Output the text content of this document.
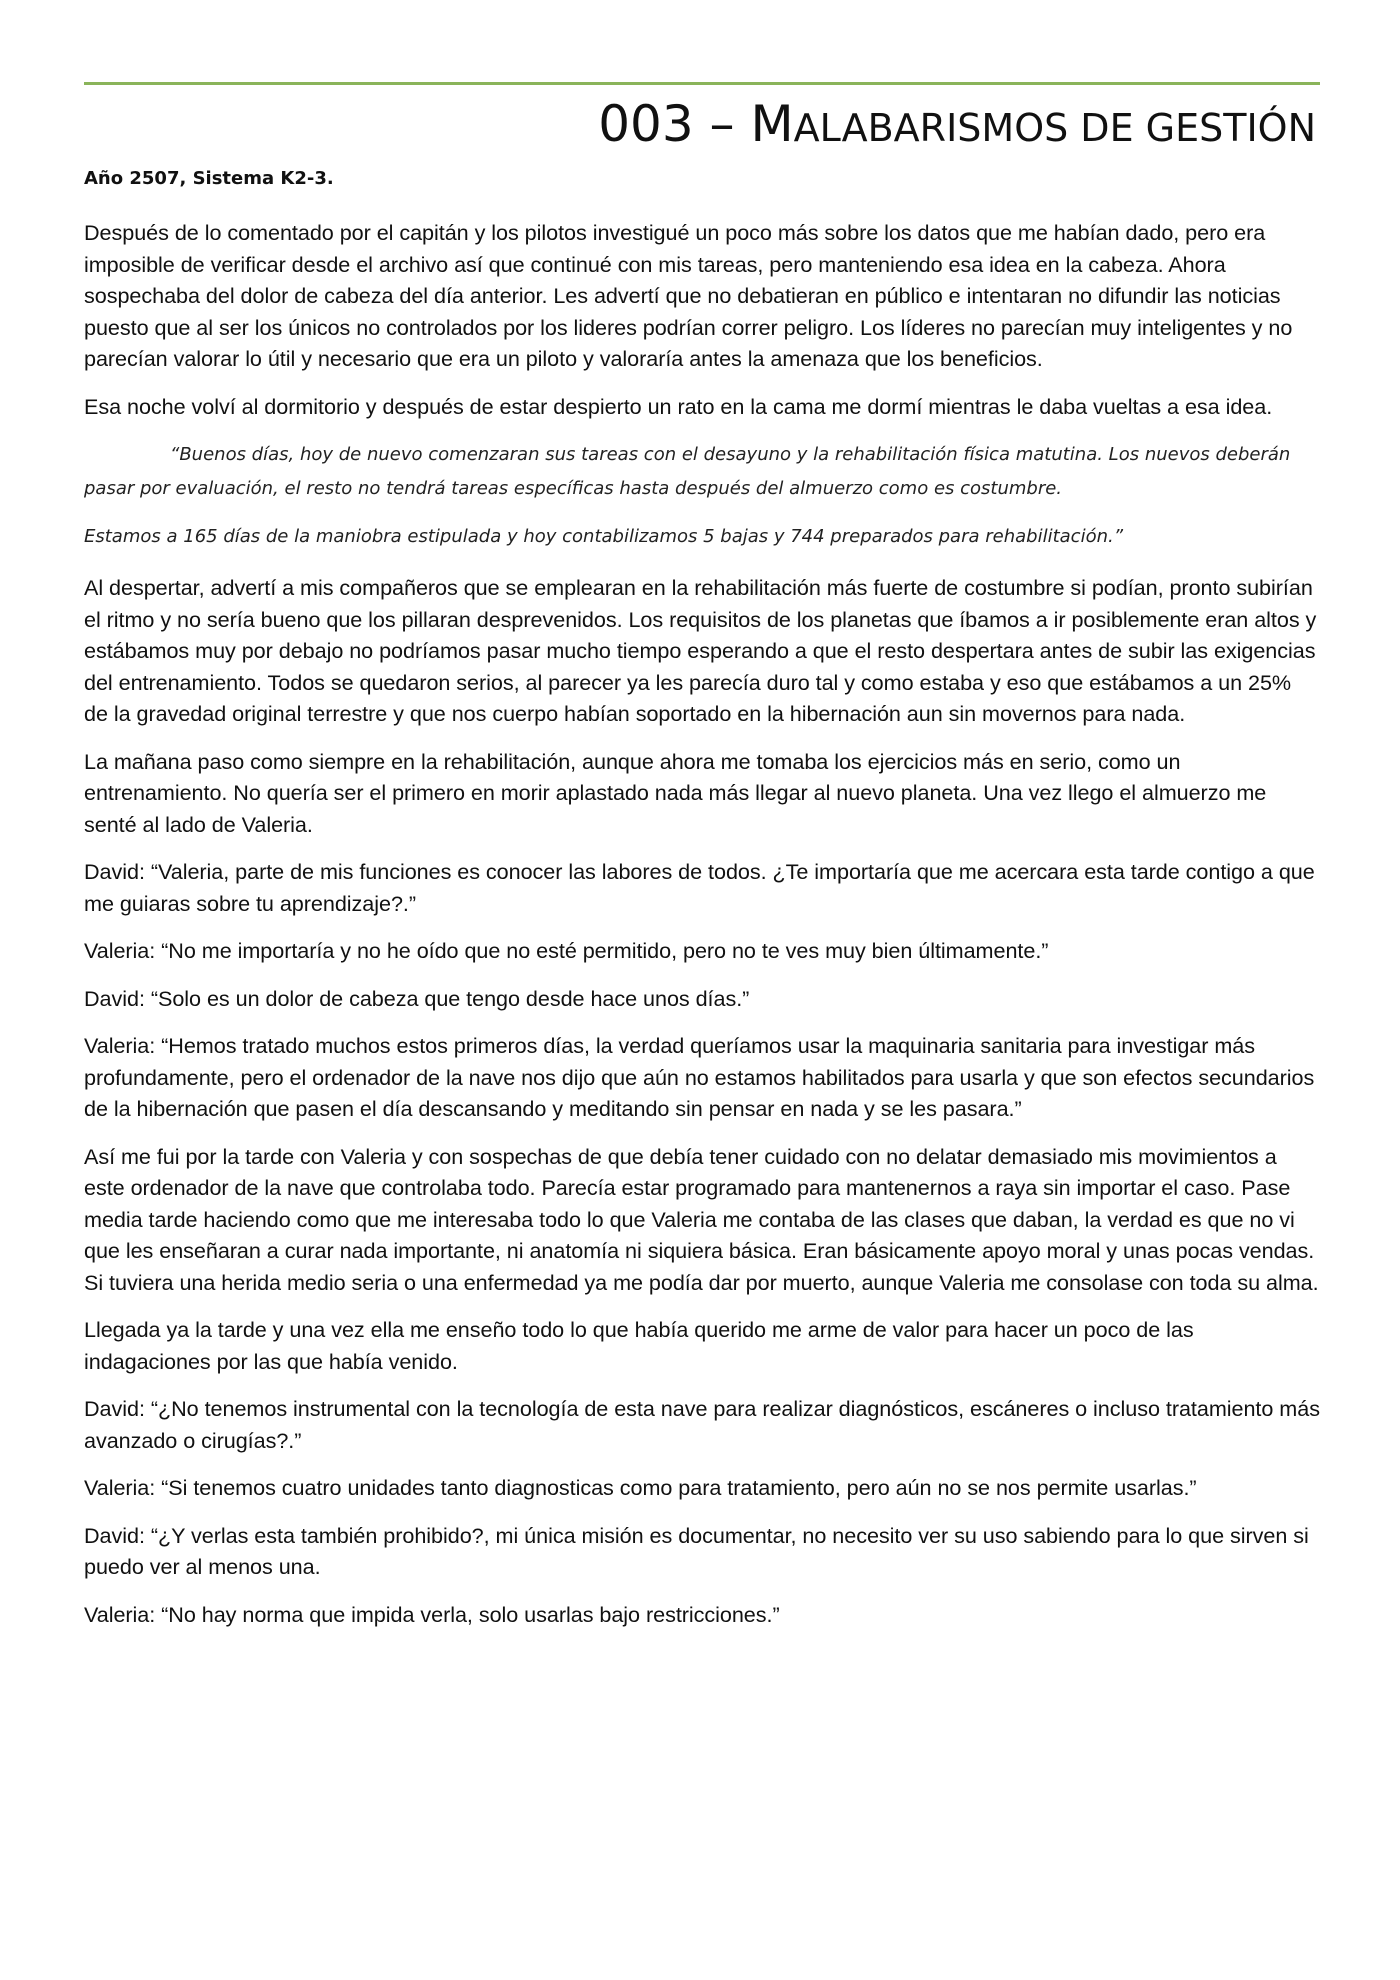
003 – MALABARISMOS DE GESTIÓN
Año 2507, Sistema K2-3.

Después de lo comentado por el capitán y los pilotos investigué un poco más sobre los datos que me habían dado, pero era imposible de verificar desde el archivo así que continué con mis tareas, pero manteniendo esa idea en la cabeza. Ahora sospechaba del dolor de cabeza del día anterior. Les advertí que no debatieran en público e intentaran no difundir las noticias puesto que al ser los únicos no controlados por los lideres podrían correr peligro. Los líderes no parecían muy inteligentes y no parecían valorar lo útil y necesario que era un piloto y valoraría antes la amenaza que los beneficios.

Esa noche volví al dormitorio y después de estar despierto un rato en la cama me dormí mientras le daba vueltas a esa idea.

“Buenos días, hoy de nuevo comenzaran sus tareas con el desayuno y la rehabilitación física matutina. Los nuevos deberán pasar por evaluación, el resto no tendrá tareas específicas hasta después del almuerzo como es costumbre.

Estamos a 165 días de la maniobra estipulada y hoy contabilizamos 5 bajas y 744 preparados para rehabilitación.”

Al despertar, advertí a mis compañeros que se emplearan en la rehabilitación más fuerte de costumbre si podían, pronto subirían el ritmo y no sería bueno que los pillaran desprevenidos. Los requisitos de los planetas que íbamos a ir posiblemente eran altos y estábamos muy por debajo no podríamos pasar mucho tiempo esperando a que el resto despertara antes de subir las exigencias del entrenamiento. Todos se quedaron serios, al parecer ya les parecía duro tal y como estaba y eso que estábamos a un 25% de la gravedad original terrestre y que nos cuerpo habían soportado en la hibernación aun sin movernos para nada.

La mañana paso como siempre en la rehabilitación, aunque ahora me tomaba los ejercicios más en serio, como un entrenamiento. No quería ser el primero en morir aplastado nada más llegar al nuevo planeta. Una vez llego el almuerzo me senté al lado de Valeria.

David: “Valeria, parte de mis funciones es conocer las labores de todos. ¿Te importaría que me acercara esta tarde contigo a que me guiaras sobre tu aprendizaje?.”

Valeria: “No me importaría y no he oído que no esté permitido, pero no te ves muy bien últimamente.”

David: “Solo es un dolor de cabeza que tengo desde hace unos días.”

Valeria: “Hemos tratado muchos estos primeros días, la verdad queríamos usar la maquinaria sanitaria para investigar más profundamente, pero el ordenador de la nave nos dijo que aún no estamos habilitados para usarla y que son efectos secundarios de la hibernación que pasen el día descansando y meditando sin pensar en nada y se les pasara.”

Así me fui por la tarde con Valeria y con sospechas de que debía tener cuidado con no delatar demasiado mis movimientos a este ordenador de la nave que controlaba todo. Parecía estar programado para mantenernos a raya sin importar el caso. Pase media tarde haciendo como que me interesaba todo lo que Valeria me contaba de las clases que daban, la verdad es que no vi que les enseñaran a curar nada importante, ni anatomía ni siquiera básica. Eran básicamente apoyo moral y unas pocas vendas. Si tuviera una herida medio seria o una enfermedad ya me podía dar por muerto, aunque Valeria me consolase con toda su alma.

Llegada ya la tarde y una vez ella me enseño todo lo que había querido me arme de valor para hacer un poco de las indagaciones por las que había venido.

David: “¿No tenemos instrumental con la tecnología de esta nave para realizar diagnósticos, escáneres o incluso tratamiento más avanzado o cirugías?.”

Valeria: “Si tenemos cuatro unidades tanto diagnosticas como para tratamiento, pero aún no se nos permite usarlas.”

David: “¿Y verlas esta también prohibido?, mi única misión es documentar, no necesito ver su uso sabiendo para lo que sirven si puedo ver al menos una.

Valeria: “No hay norma que impida verla, solo usarlas bajo restricciones.”
